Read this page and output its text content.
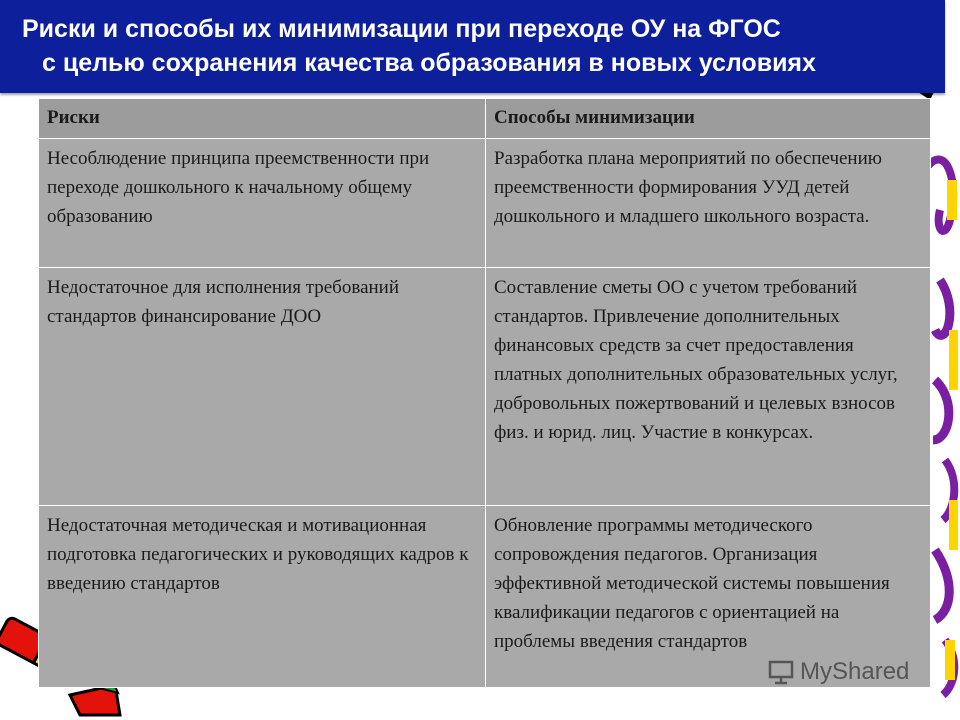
Риски и способы их минимизации при переходе ОУ на ФГОС
с целью сохранения качества образования в новых условиях
Риски	Способы минимизации
Несоблюдение принципа преемственности при переходе дошкольного к начальному общему образованию	Разработка плана мероприятий по обеспечению преемственности формирования УУД детей дошкольного и младшего школьного возраста.
Недостаточное для исполнения требований стандартов финансирование ДОО	Составление сметы ОО с учетом требований стандартов. Привлечение дополнительных финансовых средств за счет предоставления платных дополнительных образовательных услуг, добровольных пожертвований и целевых взносов физ. и юрид. лиц. Участие в конкурсах.
Недостаточная методическая и мотивационная подготовка педагогических и руководящих кадров к введению стандартов	Обновление программы методического сопровождения педагогов. Организация эффективной методической системы повышения квалификации педагогов с ориентацией на проблемы введения стандартов
MyShared
